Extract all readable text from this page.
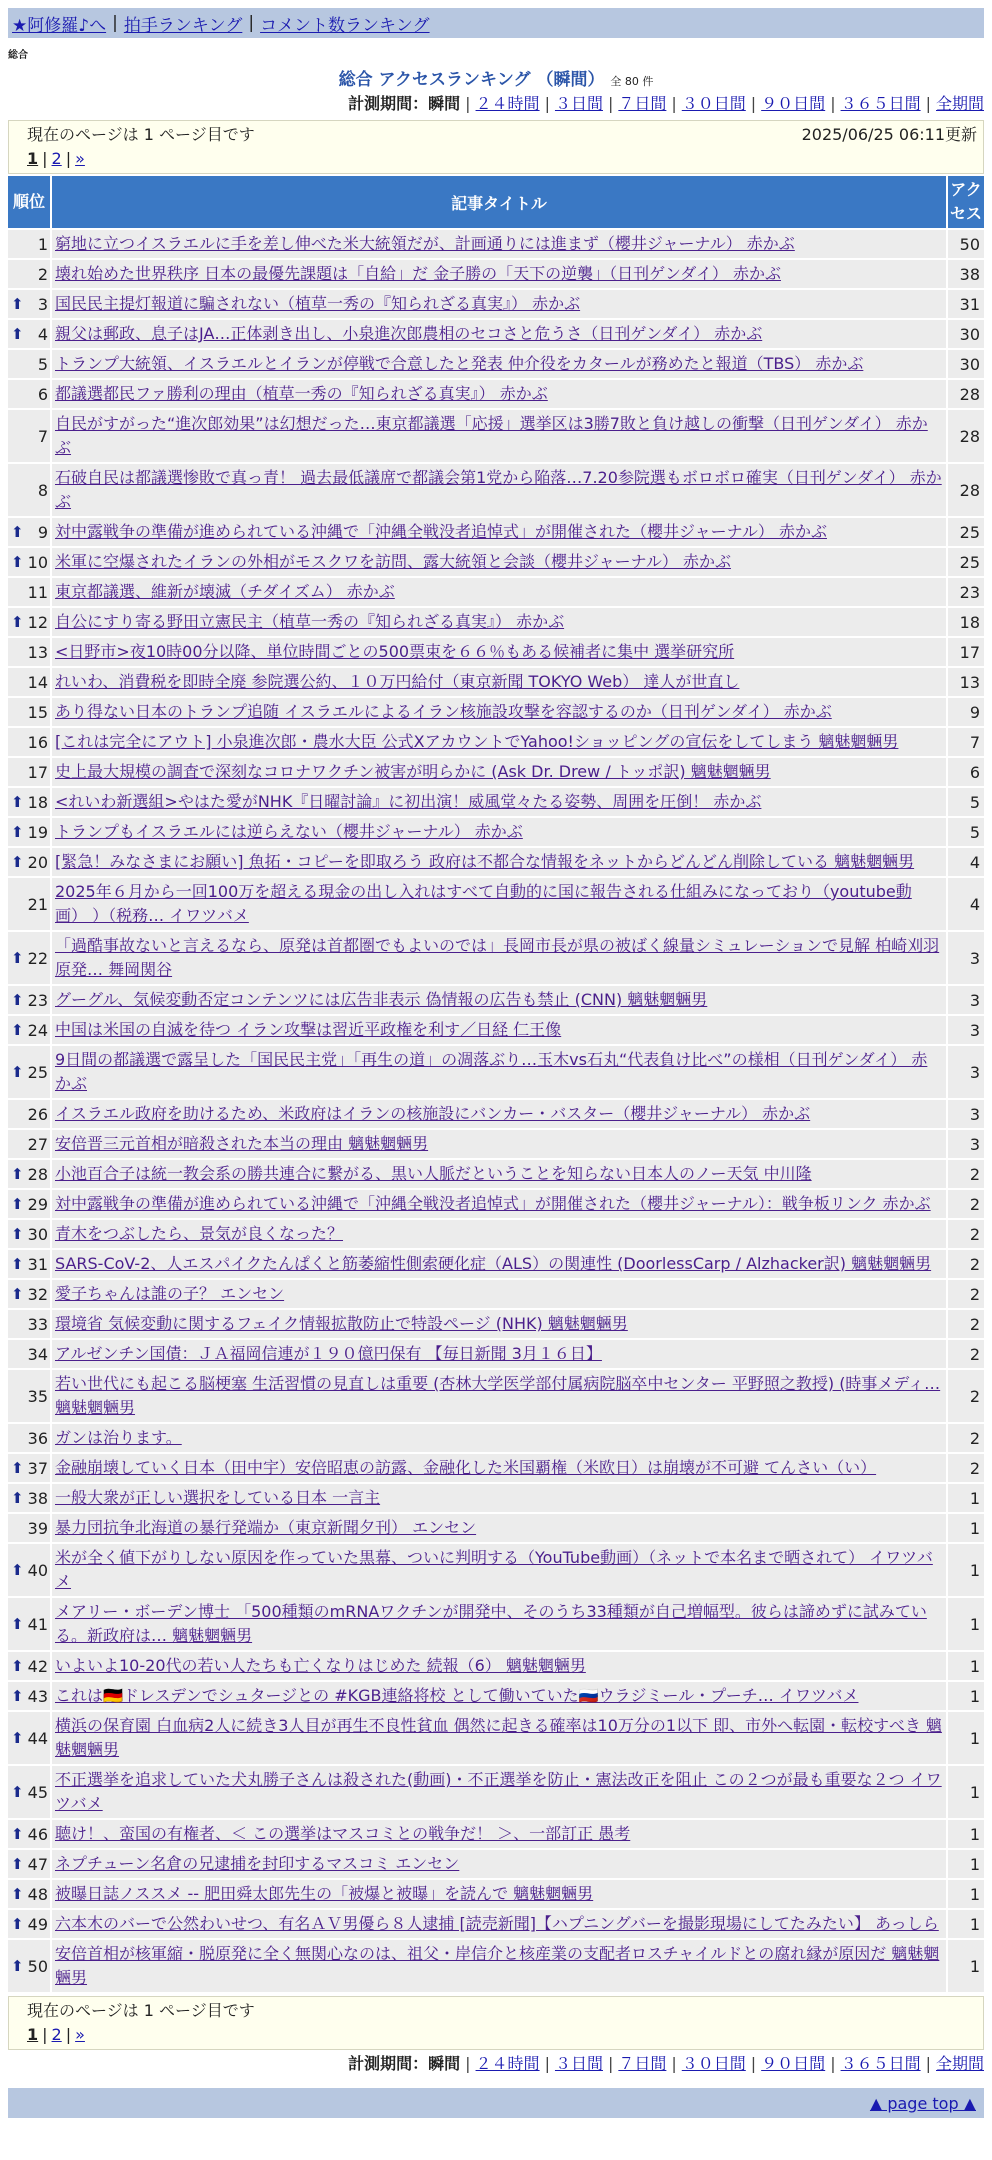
★阿修羅♪へ | 拍手ランキング | コメント数ランキング
総合
総合 アクセスランキング （瞬間） 全 80 件
計測期間：瞬間 | ２４時間 | ３日間 | ７日間 | ３０日間 | ９０日間 | ３６５日間 | 全期間
現在のページは 1 ページ目です	2025/06/25 06:11更新
1 | 2 | »
順位	記事タイトル	アクセス
1	窮地に立つイスラエルに手を差し伸べた米大統領だが、計画通りには進まず（櫻井ジャーナル） 赤かぶ	50
2	壊れ始めた世界秩序 日本の最優先課題は「自給」だ 金子勝の「天下の逆襲」（日刊ゲンダイ） 赤かぶ	38

⬆ 3	国民民主提灯報道に騙されない（植草一秀の『知られざる真実』） 赤かぶ	31

⬆ 4	親父は郵政、息子はJA…正体剥き出し、小泉進次郎農相のセコさと危うさ（日刊ゲンダイ） 赤かぶ	30
5	トランプ大統領、イスラエルとイランが停戦で合意したと発表 仲介役をカタールが務めたと報道（TBS） 赤かぶ	30
6	都議選都民ファ勝利の理由（植草一秀の『知られざる真実』） 赤かぶ	28
7	自民がすがった“進次郎効果”は幻想だった…東京都議選「応援」選挙区は3勝7敗と負け越しの衝撃（日刊ゲンダイ） 赤かぶ	28
8	石破自民は都議選惨敗で真っ青！ 過去最低議席で都議会第1党から陥落…7.20参院選もボロボロ確実（日刊ゲンダイ） 赤かぶ	28

⬆ 9	対中露戦争の準備が進められている沖縄で「沖縄全戦没者追悼式」が開催された（櫻井ジャーナル） 赤かぶ	25

⬆ 10	米軍に空爆されたイランの外相がモスクワを訪問、露大統領と会談（櫻井ジャーナル） 赤かぶ	25
11	東京都議選、維新が壊滅（チダイズム） 赤かぶ	23

⬆ 12	自公にすり寄る野田立憲民主（植草一秀の『知られざる真実』） 赤かぶ	18
13	<日野市>夜10時00分以降、単位時間ごとの500票束を６６％もある候補者に集中 選挙研究所	17
14	れいわ、消費税を即時全廃 参院選公約、１０万円給付（東京新聞 TOKYO Web） 達人が世直し	13
15	あり得ない日本のトランプ追随 イスラエルによるイラン核施設攻撃を容認するのか（日刊ゲンダイ） 赤かぶ	9
16	[これは完全にアウト] 小泉進次郎・農水大臣 公式XアカウントでYahoo!ショッピングの宣伝をしてしまう 魑魅魍魎男	7
17	史上最大規模の調査で深刻なコロナワクチン被害が明らかに (Ask Dr. Drew / トッポ訳) 魑魅魍魎男	6

⬆ 18	<れいわ新選組>やはた愛がNHK『日曜討論』に初出演！威風堂々たる姿勢、周囲を圧倒！ 赤かぶ	5

⬆ 19	トランプもイスラエルには逆らえない（櫻井ジャーナル） 赤かぶ	5

⬆ 20	[緊急！みなさまにお願い] 魚拓・コピーを即取ろう 政府は不都合な情報をネットからどんどん削除している 魑魅魍魎男	4
21	2025年６月から一回100万を超える現金の出し入れはすべて自動的に国に報告される仕組みになっており（youtube動画） ）（税務… イワツバメ	4

⬆ 22	「過酷事故ないと言えるなら、原発は首都圏でもよいのでは」長岡市長が県の被ばく線量シミュレーションで見解 柏崎刈羽原発… 舞岡関谷	3

⬆ 23	グーグル、気候変動否定コンテンツには広告非表示 偽情報の広告も禁止 (CNN) 魑魅魍魎男	3

⬆ 24	中国は米国の自滅を待つ イラン攻撃は習近平政権を利す／日経 仁王像	3

⬆ 25	9日間の都議選で露呈した「国民民主党」「再生の道」の凋落ぶり…玉木vs石丸“代表負け比べ”の様相（日刊ゲンダイ） 赤かぶ	3
26	イスラエル政府を助けるため、米政府はイランの核施設にバンカー・バスター（櫻井ジャーナル） 赤かぶ	3
27	安倍晋三元首相が暗殺された本当の理由 魑魅魍魎男	3

⬆ 28	小池百合子は統一教会系の勝共連合に繋がる、黒い人脈だということを知らない日本人のノー天気 中川隆	2

⬆ 29	対中露戦争の準備が進められている沖縄で「沖縄全戦没者追悼式」が開催された（櫻井ジャーナル）：戦争板リンク 赤かぶ	2

⬆ 30	青木をつぶしたら、景気が良くなった？	2

⬆ 31	SARS-CoV-2、人エスパイクたんぱくと筋萎縮性側索硬化症（ALS）の関連性 (DoorlessCarp / Alzhacker訳) 魑魅魍魎男	2

⬆ 32	愛子ちゃんは誰の子？ エンセン	2
33	環境省 気候変動に関するフェイク情報拡散防止で特設ページ (NHK) 魑魅魍魎男	2
34	アルゼンチン国債：ＪＡ福岡信連が１９０億円保有 【毎日新聞 3月１６日】	2
35	若い世代にも起こる脳梗塞 生活習慣の見直しは重要 (杏林大学医学部付属病院脳卒中センター 平野照之教授) (時事メディ… 魑魅魍魎男	2
36	ガンは治ります。	2

⬆ 37	金融崩壊していく日本（田中宇）安倍昭恵の訪露、金融化した米国覇権（米欧日）は崩壊が不可避 てんさい（い）	2

⬆ 38	一般大衆が正しい選択をしている日本 一言主	1
39	暴力団抗争北海道の暴行発端か（東京新聞夕刊） エンセン	1

⬆ 40	米が全く値下がりしない原因を作っていた黒幕、ついに判明する（YouTube動画）（ネットで本名まで晒されて） イワツバメ	1

⬆ 41	メアリー・ボーデン博士 「500種類のmRNAワクチンが開発中、そのうち33種類が自己増幅型。彼らは諦めずに試みている。新政府は… 魑魅魍魎男	1

⬆ 42	いよいよ10-20代の若い人たちも亡くなりはじめた 続報（6） 魑魅魍魎男	1

⬆ 43	これは🇩🇪ドレスデンでシュタージとの #KGB連絡将校 として働いていた🇷🇺ウラジミール・プーチ… イワツバメ	1

⬆ 44	横浜の保育園 白血病2人に続き3人目が再生不良性貧血 偶然に起きる確率は10万分の1以下 即、市外へ転園・転校すべき 魑魅魍魎男	1

⬆ 45	不正選挙を追求していた犬丸勝子さんは殺された(動画)・不正選挙を防止・憲法改正を阻止 この２つが最も重要な２つ イワツバメ	1

⬆ 46	聴け！、蛮国の有権者、＜ この選挙はマスコミとの戦争だ！ ＞、一部訂正 愚考	1

⬆ 47	ネプチューン名倉の兄逮捕を封印するマスコミ エンセン	1

⬆ 48	被曝日誌ノススメ -- 肥田舜太郎先生の「被爆と被曝」を読んで 魑魅魍魎男	1

⬆ 49	六本木のバーで公然わいせつ、有名ＡＶ男優ら８人逮捕 [読売新聞]【ハプニングバーを撮影現場にしてたみたい】 あっしら	1

⬆ 50	安倍首相が核軍縮・脱原発に全く無関心なのは、祖父・岸信介と核産業の支配者ロスチャイルドとの腐れ縁が原因だ 魑魅魍魎男	1
現在のページは 1 ページ目です
1 | 2 | »
計測期間：瞬間 | ２４時間 | ３日間 | ７日間 | ３０日間 | ９０日間 | ３６５日間 | 全期間
▲ page top ▲
